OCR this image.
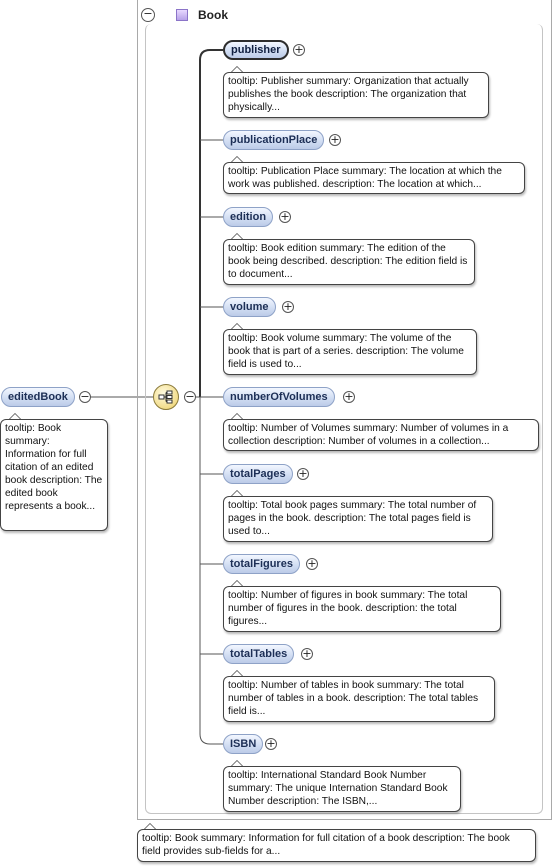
−	Book
editedBook	−
tooltip: Book summary: Information for full citation of an edited book description: The edited book represents a book...
−
publisher	+
tooltip: Publisher summary: Organization that actually publishes the book description: The organization that physically...
publicationPlace	+
tooltip: Publication Place summary: The location at which the work was published. description: The location at which...
edition	+
tooltip: Book edition summary: The edition of the book being described. description: The edition field is to document...
volume	+
tooltip: Book volume summary: The volume of the book that is part of a series. description: The volume field is used to...
numberOfVolumes	+
tooltip: Number of Volumes summary: Number of volumes in a collection description: Number of volumes in a collection...
totalPages	+
tooltip: Total book pages summary: The total number of pages in the book. description: The total pages field is used to...
totalFigures	+
tooltip: Number of figures in book summary: The total number of figures in the book. description: the total figures...
totalTables	+
tooltip: Number of tables in book summary: The total number of tables in a book. description: The total tables field is...
ISBN +
tooltip: International Standard Book Number summary: The unique Internation Standard Book Number description: The ISBN,...
tooltip: Book summary: Information for full citation of a book description: The book field provides sub-fields for a...
